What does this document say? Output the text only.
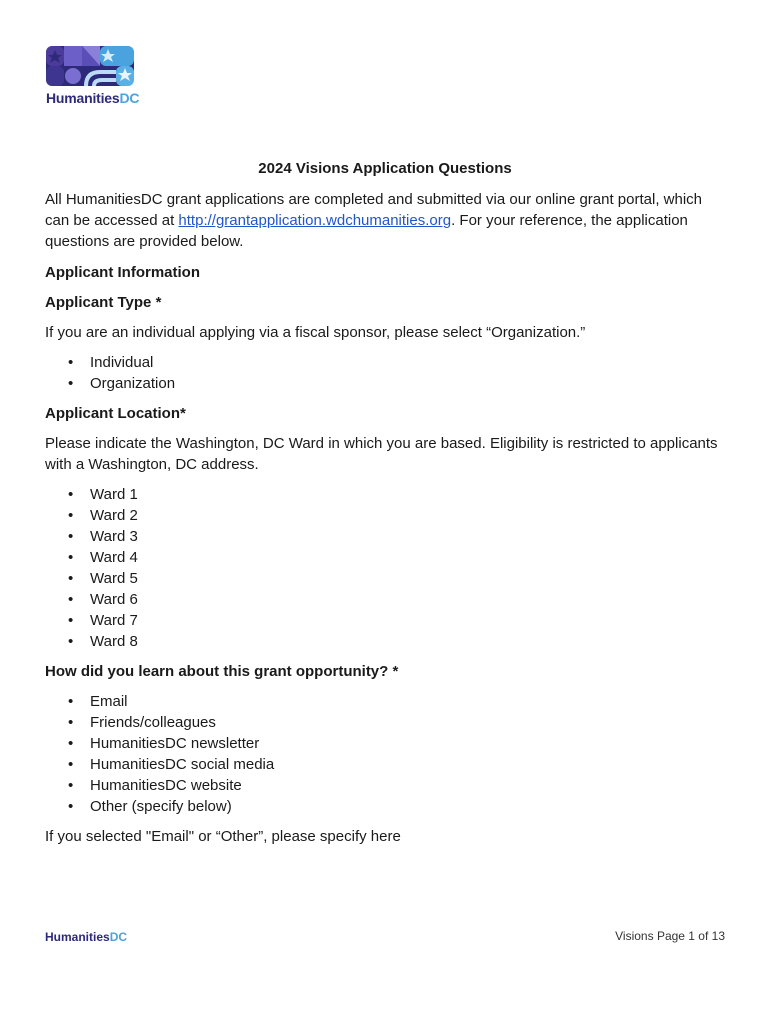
HumanitiesDC
2024 Visions Application Questions

All HumanitiesDC grant applications are completed and submitted via our online grant portal, which can be accessed at http://grantapplication.wdchumanities.org. For your reference, the application questions are provided below.

Applicant Information
Applicant Type *

If you are an individual applying via a fiscal sponsor, please select “Organization.”

• Individual
• Organization
Applicant Location*

Please indicate the Washington, DC Ward in which you are based. Eligibility is restricted to applicants with a Washington, DC address.

• Ward 1
• Ward 2
• Ward 3
• Ward 4
• Ward 5
• Ward 6
• Ward 7
• Ward 8
How did you learn about this grant opportunity? *
• Email
• Friends/colleagues
• HumanitiesDC newsletter
• HumanitiesDC social media
• HumanitiesDC website
• Other (specify below)

If you selected "Email" or “Other”, please specify here

HumanitiesDC	Visions Page 1 of 13
